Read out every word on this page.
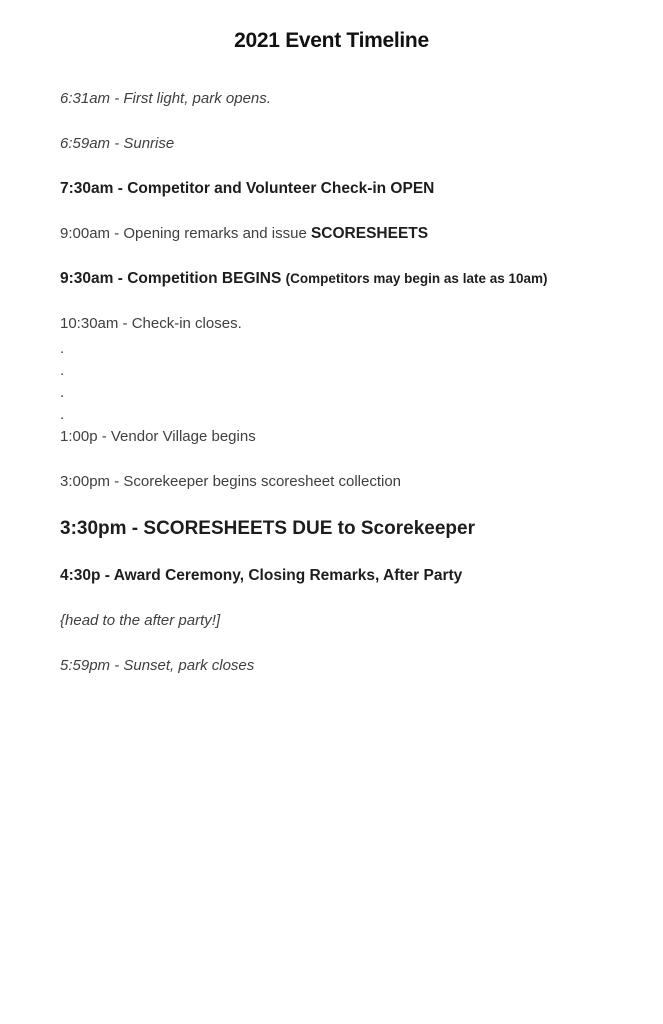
2021 Event Timeline

6:31am - First light, park opens.

6:59am - Sunrise

7:30am - Competitor and Volunteer Check-in OPEN

9:00am - Opening remarks and issue SCORESHEETS

9:30am - Competition BEGINS (Competitors may begin as late as 10am)

10:30am - Check-in closes.

.

.

.

.

1:00p - Vendor Village begins

3:00pm - Scorekeeper begins scoresheet collection

3:30pm - SCORESHEETS DUE to Scorekeeper

4:30p - Award Ceremony, Closing Remarks, After Party

{head to the after party!]

5:59pm - Sunset, park closes
